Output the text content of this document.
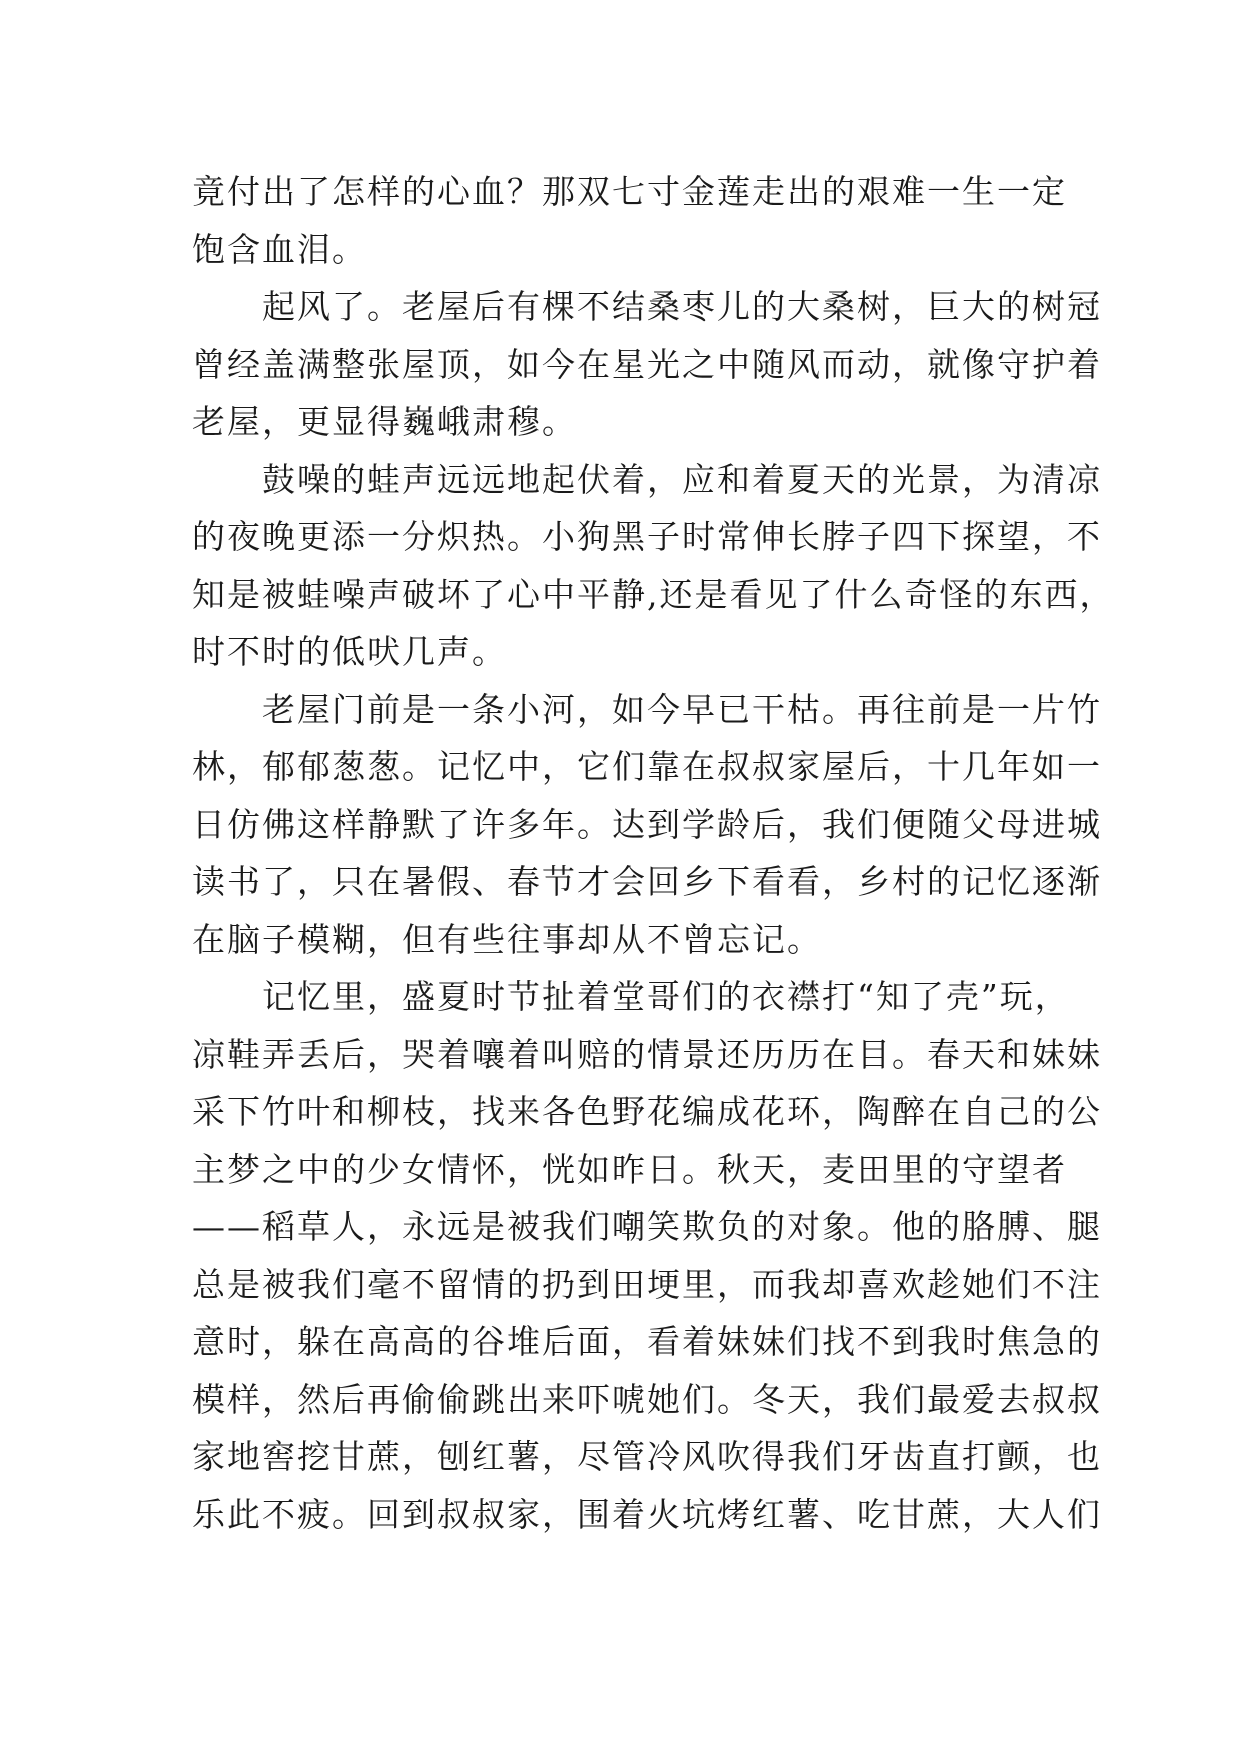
竟付出了怎样的心血？那双七寸金莲走出的艰难一生一定
饱含血泪。
　　起风了。老屋后有棵不结桑枣儿的大桑树，巨大的树冠
曾经盖满整张屋顶，如今在星光之中随风而动，就像守护着
老屋，更显得巍峨肃穆。
　　鼓噪的蛙声远远地起伏着，应和着夏天的光景，为清凉
的夜晚更添一分炽热。小狗黑子时常伸长脖子四下探望，不
知是被蛙噪声破坏了心中平静,还是看见了什么奇怪的东西，
时不时的低吠几声。
　　老屋门前是一条小河，如今早已干枯。再往前是一片竹
林，郁郁葱葱。记忆中，它们靠在叔叔家屋后，十几年如一
日仿佛这样静默了许多年。达到学龄后，我们便随父母进城
读书了，只在暑假、春节才会回乡下看看，乡村的记忆逐渐
在脑子模糊，但有些往事却从不曾忘记。
　　记忆里，盛夏时节扯着堂哥们的衣襟打“知了壳”玩，
凉鞋弄丢后，哭着嚷着叫赔的情景还历历在目。春天和妹妹
采下竹叶和柳枝，找来各色野花编成花环，陶醉在自己的公
主梦之中的少女情怀，恍如昨日。秋天，麦田里的守望者
——稻草人，永远是被我们嘲笑欺负的对象。他的胳膊、腿
总是被我们毫不留情的扔到田埂里，而我却喜欢趁她们不注
意时，躲在高高的谷堆后面，看着妹妹们找不到我时焦急的
模样，然后再偷偷跳出来吓唬她们。冬天，我们最爱去叔叔
家地窖挖甘蔗，刨红薯，尽管冷风吹得我们牙齿直打颤，也
乐此不疲。回到叔叔家，围着火坑烤红薯、吃甘蔗，大人们
